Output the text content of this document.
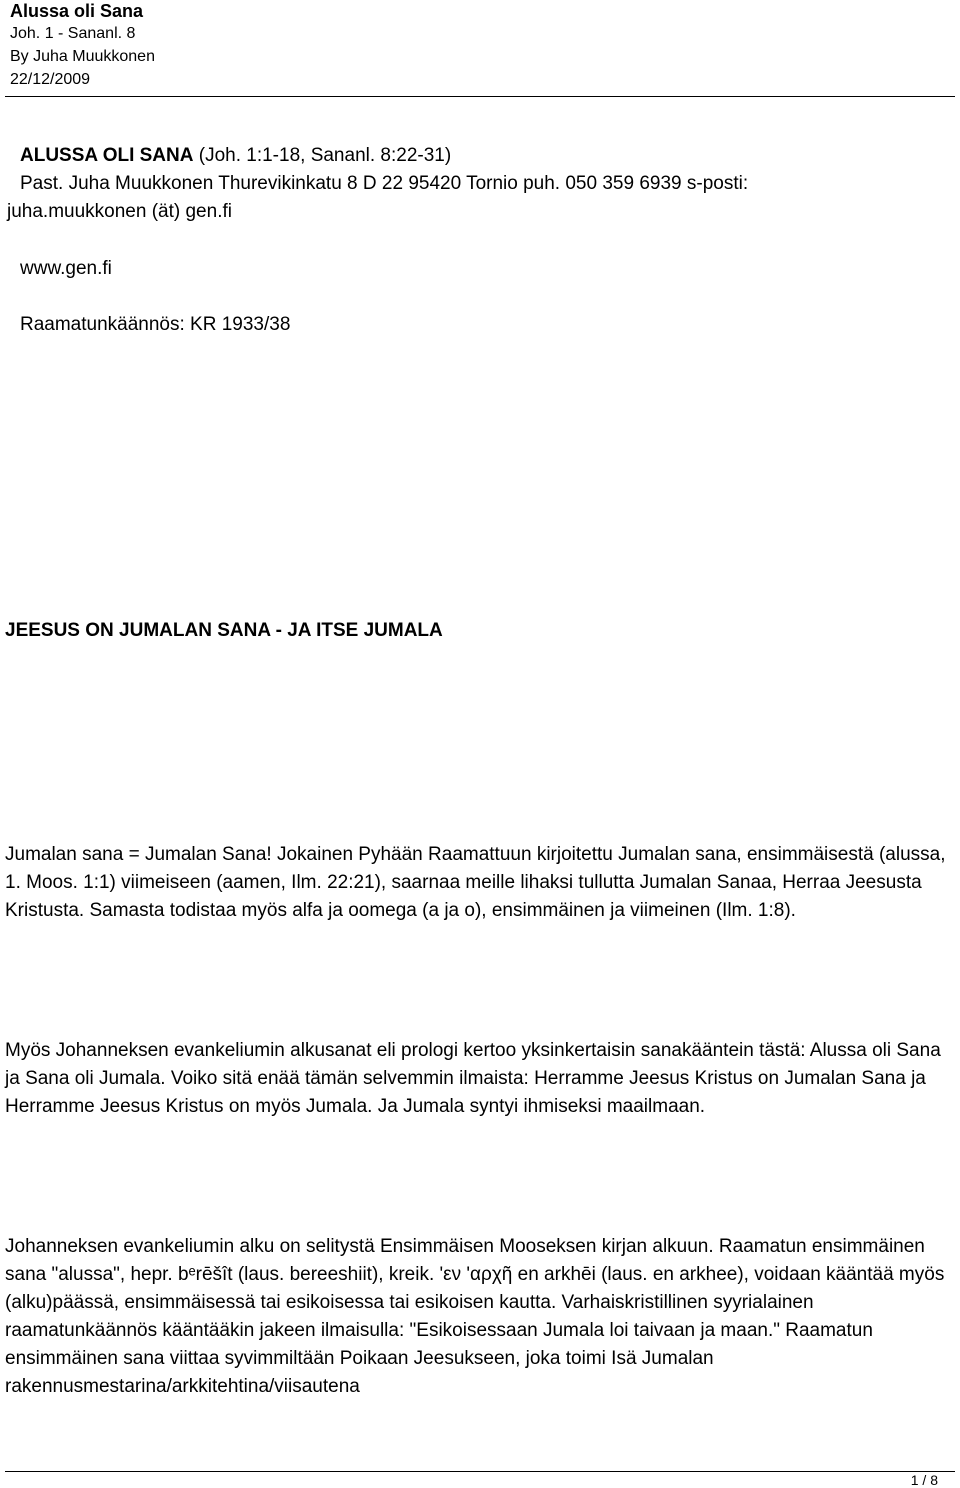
Alussa oli Sana
Joh. 1 - Sananl. 8
By Juha Muukkonen
22/12/2009
ALUSSA OLI SANA (Joh. 1:1-18, Sananl. 8:22-31)
Past. Juha Muukkonen Thurevikinkatu 8 D 22 95420 Tornio puh. 050 359 6939 s-posti:
juha.muukkonen (ät) gen.fi
www.gen.fi
Raamatunkäännös: KR 1933/38
JEESUS ON JUMALAN SANA - JA ITSE JUMALA
Jumalan sana = Jumalan Sana! Jokainen Pyhään Raamattuun kirjoitettu Jumalan sana, ensimmäisestä (alussa, 1. Moos. 1:1) viimeiseen (aamen, Ilm. 22:21), saarnaa meille lihaksi tullutta Jumalan Sanaa, Herraa Jeesusta Kristusta. Samasta todistaa myös alfa ja oomega (a ja o), ensimmäinen ja viimeinen (Ilm. 1:8).
Myös Johanneksen evankeliumin alkusanat eli prologi kertoo yksinkertaisin sanakääntein tästä: Alussa oli Sana ja Sana oli Jumala. Voiko sitä enää tämän selvemmin ilmaista: Herramme Jeesus Kristus on Jumalan Sana ja Herramme Jeesus Kristus on myös Jumala. Ja Jumala syntyi ihmiseksi maailmaan.
Johanneksen evankeliumin alku on selitystä Ensimmäisen Mooseksen kirjan alkuun. Raamatun ensimmäinen sana "alussa", hepr. bᵉrēšît (laus. bereeshiit), kreik. 'εν 'αρχῆ en arkhēi (laus. en arkhee), voidaan kääntää myös (alku)päässä, ensimmäisessä tai esikoisessa tai esikoisen kautta. Varhaiskristillinen syyrialainen raamatunkäännös kääntääkin jakeen ilmaisulla: "Esikoisessaan Jumala loi taivaan ja maan." Raamatun ensimmäinen sana viittaa syvimmiltään Poikaan Jeesukseen, joka toimi Isä Jumalan rakennusmestarina/arkkitehtina/viisautena
1 / 8
